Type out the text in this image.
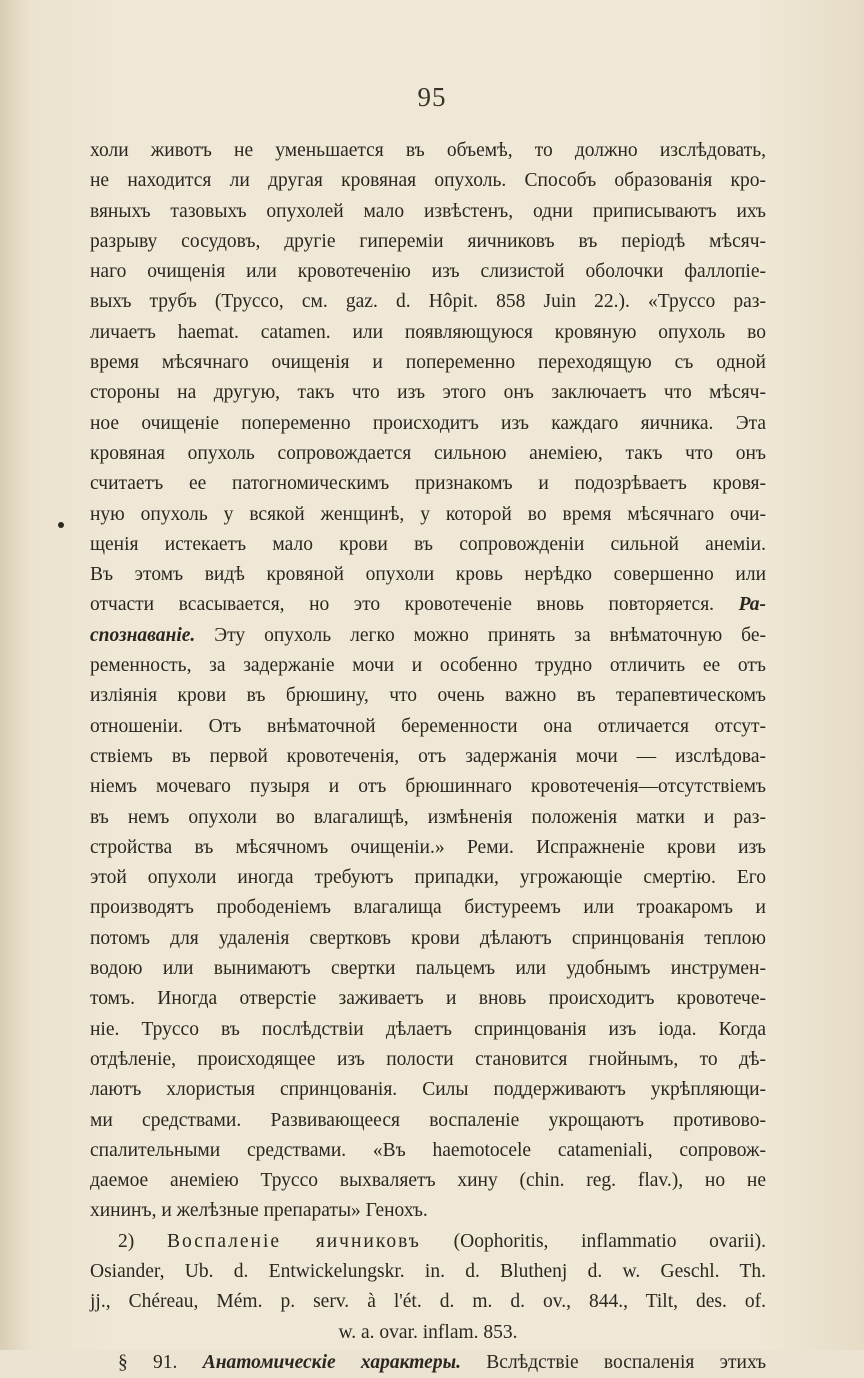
95
холи животъ не уменьшается въ объемѣ, то должно изслѣдовать,
не находится ли другая кровяная опухоль. Способъ образованія кро-
вяныхъ тазовыхъ опухолей мало извѣстенъ, одни приписываютъ ихъ
разрыву сосудовъ, другіе гипереміи яичниковъ въ періодѣ мѣсяч-
наго очищенія или кровотеченію изъ слизистой оболочки фаллопіе-
выхъ трубъ (Труссо, см. gaz. d. Hôpit. 858 Juin 22.). «Труссо раз-
личаетъ haemat. catamen. или появляющуюся кровяную опухоль во
время мѣсячнаго очищенія и попеременно переходящую съ одной
стороны на другую, такъ что изъ этого онъ заключаетъ что мѣсяч-
ное очищеніе попеременно происходитъ изъ каждаго яичника. Эта
кровяная опухоль сопровождается сильною анеміею, такъ что онъ
считаетъ ее патогномическимъ признакомъ и подозрѣваетъ кровя-
ную опухоль у всякой женщинѣ, у которой во время мѣсячнаго очи-
щенія истекаетъ мало крови въ сопровожденіи сильной анеміи.
Въ этомъ видѣ кровяной опухоли кровь нерѣдко совершенно или
отчасти всасывается, но это кровотеченіе вновь повторяется. Ра-
спознаваніе. Эту опухоль легко можно принять за внѣматочную бе-
ременность, за задержаніе мочи и особенно трудно отличить ее отъ
изліянія крови въ брюшину, что очень важно въ терапевтическомъ
отношеніи. Отъ внѣматочной беременности она отличается отсут-
ствіемъ въ первой кровотеченія, отъ задержанія мочи — изслѣдова-
ніемъ мочеваго пузыря и отъ брюшиннаго кровотеченія—отсутствіемъ
въ немъ опухоли во влагалищѣ, измѣненія положенія матки и раз-
стройства въ мѣсячномъ очищеніи.» Реми. Испражненіе крови изъ
этой опухоли иногда требуютъ припадки, угрожающіе смертію. Его
производятъ прободеніемъ влагалища бистуреемъ или троакаромъ и
потомъ для удаленія свертковъ крови дѣлаютъ спринцованія теплою
водою или вынимаютъ свертки пальцемъ или удобнымъ инструмен-
томъ. Иногда отверстіе заживаетъ и вновь происходитъ кровотече-
ніе. Труссо въ послѣдствіи дѣлаетъ спринцованія изъ іода. Когда
отдѣленіе, происходящее изъ полости становится гнойнымъ, то дѣ-
лаютъ хлористыя спринцованія. Силы поддерживаютъ укрѣпляющи-
ми средствами. Развивающееся воспаленіе укрощаютъ противово-
спалительными средствами. «Въ haemotocele catamenіali, сопровож-
даемое анеміею Труссо выхваляетъ хину (chin. reg. flav.), но не
хининъ, и желѣзные препараты» Генохъ.
2) Воспаленіе яичниковъ (Oophoritis, inflammatio ovarii).
Osiander, Ub. d. Entwickelungskr. in. d. Bluthenj d. w. Geschl. Th.
jj., Chéreau, Mém. p. serv. à l'ét. d. m. d. ov., 844., Tilt, des. of.
w. a. ovar. inflam. 853.
§ 91. Анатомическіе характеры. Вслѣдствіе воспаленія этихъ
